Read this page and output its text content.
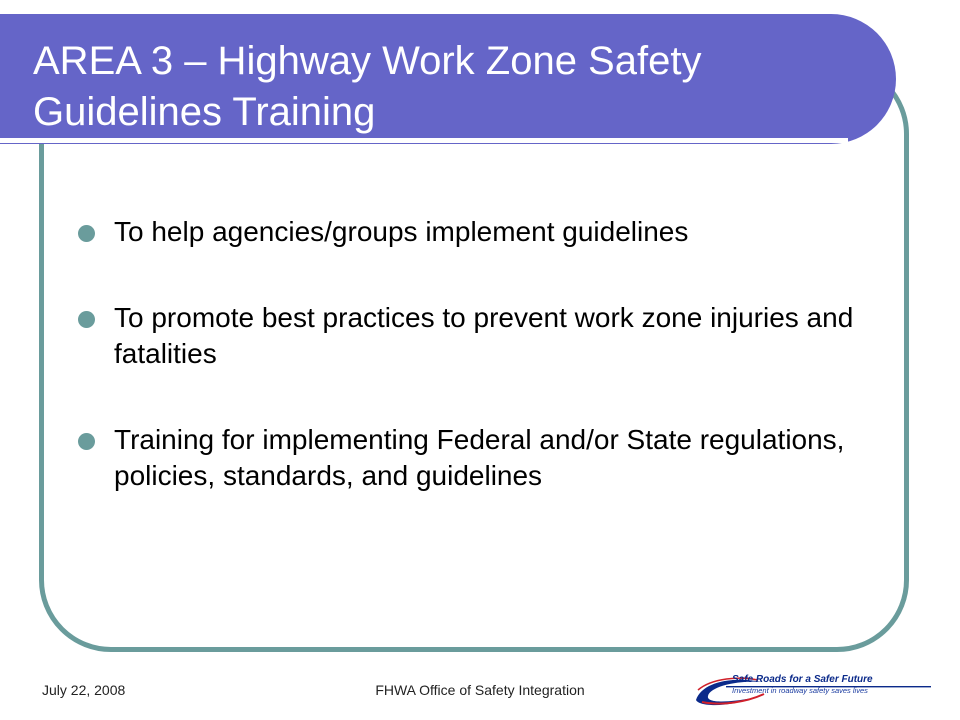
AREA 3 – Highway Work Zone Safety Guidelines Training
To help agencies/groups implement guidelines
To promote best practices to prevent work zone injuries and fatalities
Training for implementing Federal and/or State regulations, policies, standards, and guidelines
July 22, 2008	FHWA Office of Safety Integration
Safe Roads for a Safer Future
Investment in roadway safety saves lives
